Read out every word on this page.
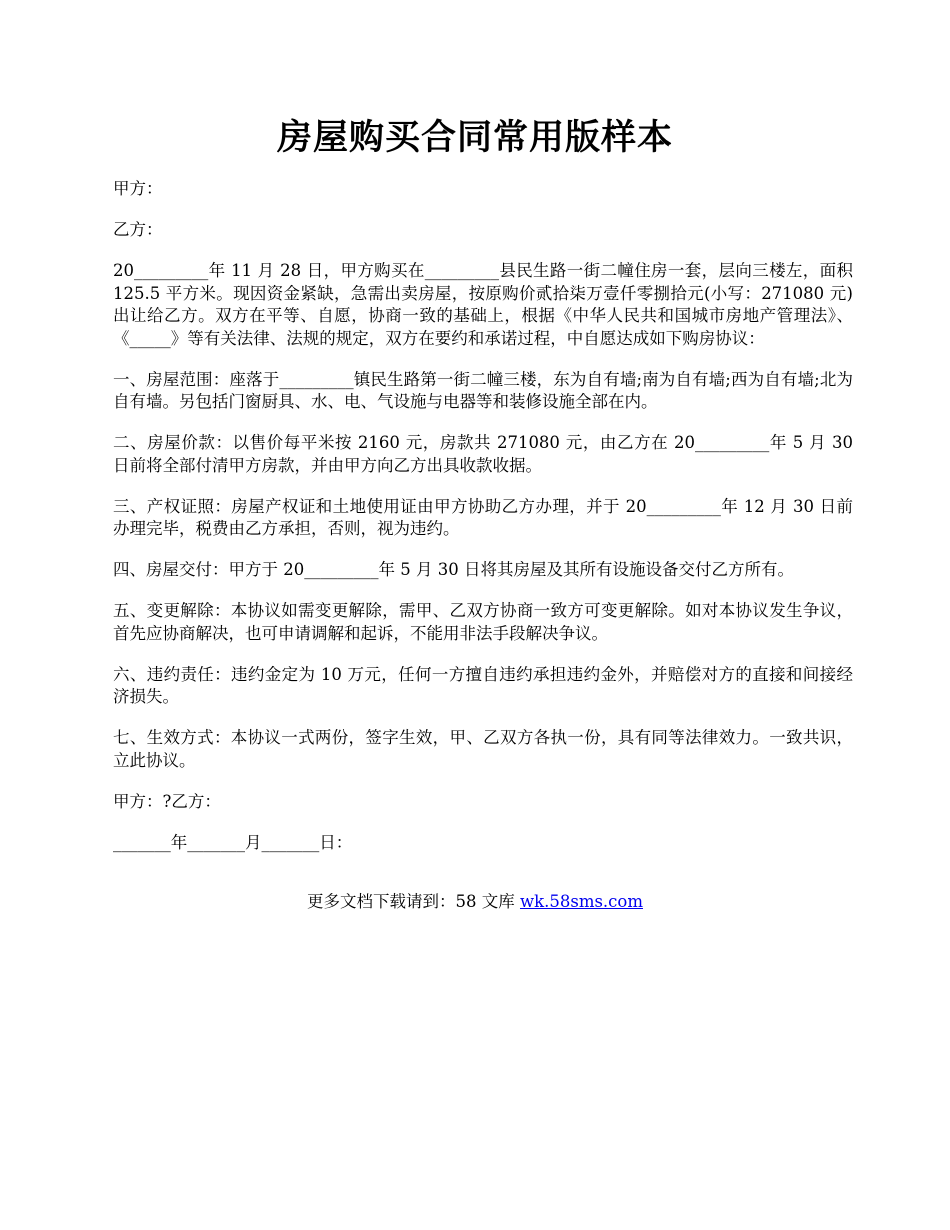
房屋购买合同常用版样本

甲方：

乙方：

20_________年 11 月 28 日，甲方购买在_________县民生路一街二幢住房一套，层向三楼左，面积 125.5 平方米。现因资金紧缺，急需出卖房屋，按原购价贰拾柒万壹仟零捌拾元(小写：271080 元)出让给乙方。双方在平等、自愿，协商一致的基础上，根据《中华人民共和国城市房地产管理法》、《_____》等有关法律、法规的规定，双方在要约和承诺过程，中自愿达成如下购房协议：

一、房屋范围：座落于_________镇民生路第一街二幢三楼，东为自有墙;南为自有墙;西为自有墙;北为自有墙。另包括门窗厨具、水、电、气设施与电器等和装修设施全部在内。

二、房屋价款：以售价每平米按 2160 元，房款共 271080 元，由乙方在 20_________年 5 月 30 日前将全部付清甲方房款，并由甲方向乙方出具收款收据。

三、产权证照：房屋产权证和土地使用证由甲方协助乙方办理，并于 20_________年 12 月 30 日前办理完毕，税费由乙方承担，否则，视为违约。

四、房屋交付：甲方于 20_________年 5 月 30 日将其房屋及其所有设施设备交付乙方所有。

五、变更解除：本协议如需变更解除，需甲、乙双方协商一致方可变更解除。如对本协议发生争议，首先应协商解决，也可申请调解和起诉，不能用非法手段解决争议。

六、违约责任：违约金定为 10 万元，任何一方擅自违约承担违约金外，并赔偿对方的直接和间接经济损失。

七、生效方式：本协议一式两份，签字生效，甲、乙双方各执一份，具有同等法律效力。一致共识，立此协议。

甲方：?乙方：

_______年_______月_______日：

更多文档下载请到：58 文库 wk.58sms.com
